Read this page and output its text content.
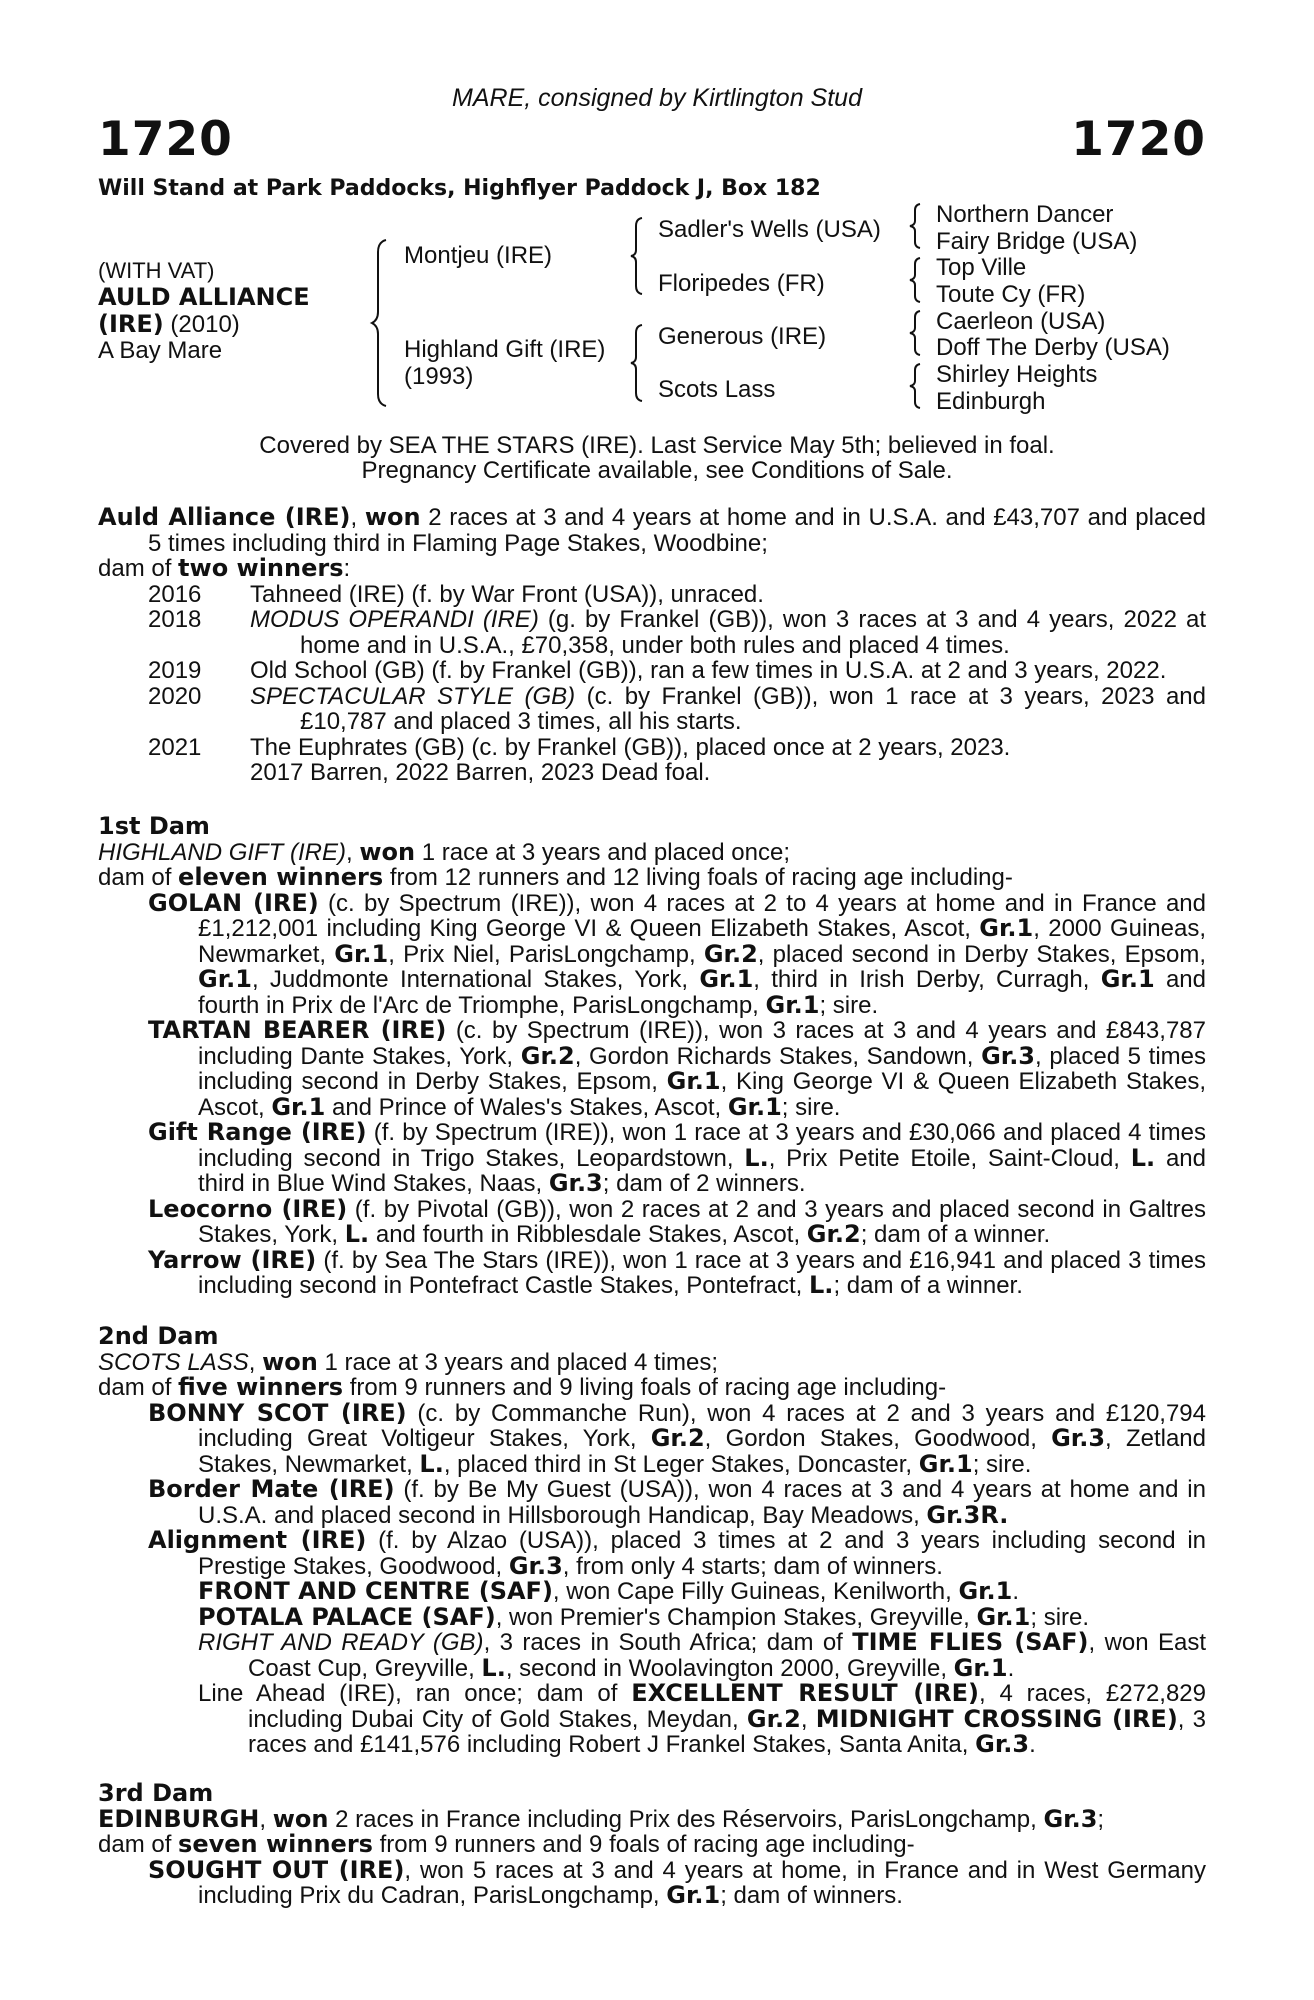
MARE, consigned by Kirtlington Stud
1720	1720
Will Stand at Park Paddocks, Highflyer Paddock J, Box 182
(WITH VAT)
AULD ALLIANCE
(IRE) (2010)
A Bay Mare
Montjeu (IRE)
Highland Gift (IRE)
(1993)
Sadler's Wells (USA)
Floripedes (FR)
Generous (IRE)
Scots Lass
Northern Dancer
Fairy Bridge (USA)
Top Ville
Toute Cy (FR)
Caerleon (USA)
Doff The Derby (USA)
Shirley Heights
Edinburgh
Covered by SEA THE STARS (IRE). Last Service May 5th; believed in foal.
Pregnancy Certificate available, see Conditions of Sale.

Auld Alliance (IRE), won 2 races at 3 and 4 years at home and in U.S.A. and £43,707 and placed 5 times including third in Flaming Page Stakes, Woodbine;

dam of two winners:

2016 Tahneed (IRE) (f. by War Front (USA)), unraced.
2018 MODUS OPERANDI (IRE) (g. by Frankel (GB)), won 3 races at 3 and 4 years, 2022 at home and in U.S.A., £70,358, under both rules and placed 4 times.
2019 Old School (GB) (f. by Frankel (GB)), ran a few times in U.S.A. at 2 and 3 years, 2022.
2020 SPECTACULAR STYLE (GB) (c. by Frankel (GB)), won 1 race at 3 years, 2023 and £10,787 and placed 3 times, all his starts.
2021 The Euphrates (GB) (c. by Frankel (GB)), placed once at 2 years, 2023.

2017 Barren, 2022 Barren, 2023 Dead foal.

1st Dam

HIGHLAND GIFT (IRE), won 1 race at 3 years and placed once;

dam of eleven winners from 12 runners and 12 living foals of racing age including-

GOLAN (IRE) (c. by Spectrum (IRE)), won 4 races at 2 to 4 years at home and in France and £1,212,001 including King George VI & Queen Elizabeth Stakes, Ascot, Gr.1, 2000 Guineas, Newmarket, Gr.1, Prix Niel, ParisLongchamp, Gr.2, placed second in Derby Stakes, Epsom, Gr.1, Juddmonte International Stakes, York, Gr.1, third in Irish Derby, Curragh, Gr.1 and fourth in Prix de l'Arc de Triomphe, ParisLongchamp, Gr.1; sire.

TARTAN BEARER (IRE) (c. by Spectrum (IRE)), won 3 races at 3 and 4 years and £843,787 including Dante Stakes, York, Gr.2, Gordon Richards Stakes, Sandown, Gr.3, placed 5 times including second in Derby Stakes, Epsom, Gr.1, King George VI & Queen Elizabeth Stakes, Ascot, Gr.1 and Prince of Wales's Stakes, Ascot, Gr.1; sire.

Gift Range (IRE) (f. by Spectrum (IRE)), won 1 race at 3 years and £30,066 and placed 4 times including second in Trigo Stakes, Leopardstown, L., Prix Petite Etoile, Saint-Cloud, L. and third in Blue Wind Stakes, Naas, Gr.3; dam of 2 winners.

Leocorno (IRE) (f. by Pivotal (GB)), won 2 races at 2 and 3 years and placed second in Galtres Stakes, York, L. and fourth in Ribblesdale Stakes, Ascot, Gr.2; dam of a winner.

Yarrow (IRE) (f. by Sea The Stars (IRE)), won 1 race at 3 years and £16,941 and placed 3 times including second in Pontefract Castle Stakes, Pontefract, L.; dam of a winner.

2nd Dam

SCOTS LASS, won 1 race at 3 years and placed 4 times;

dam of five winners from 9 runners and 9 living foals of racing age including-

BONNY SCOT (IRE) (c. by Commanche Run), won 4 races at 2 and 3 years and £120,794 including Great Voltigeur Stakes, York, Gr.2, Gordon Stakes, Goodwood, Gr.3, Zetland Stakes, Newmarket, L., placed third in St Leger Stakes, Doncaster, Gr.1; sire.

Border Mate (IRE) (f. by Be My Guest (USA)), won 4 races at 3 and 4 years at home and in U.S.A. and placed second in Hillsborough Handicap, Bay Meadows, Gr.3R.

Alignment (IRE) (f. by Alzao (USA)), placed 3 times at 2 and 3 years including second in Prestige Stakes, Goodwood, Gr.3, from only 4 starts; dam of winners.

FRONT AND CENTRE (SAF), won Cape Filly Guineas, Kenilworth, Gr.1.

POTALA PALACE (SAF), won Premier's Champion Stakes, Greyville, Gr.1; sire.

RIGHT AND READY (GB), 3 races in South Africa; dam of TIME FLIES (SAF), won East Coast Cup, Greyville, L., second in Woolavington 2000, Greyville, Gr.1.

Line Ahead (IRE), ran once; dam of EXCELLENT RESULT (IRE), 4 races, £272,829 including Dubai City of Gold Stakes, Meydan, Gr.2, MIDNIGHT CROSSING (IRE), 3 races and £141,576 including Robert J Frankel Stakes, Santa Anita, Gr.3.

3rd Dam

EDINBURGH, won 2 races in France including Prix des Réservoirs, ParisLongchamp, Gr.3;

dam of seven winners from 9 runners and 9 foals of racing age including-

SOUGHT OUT (IRE), won 5 races at 3 and 4 years at home, in France and in West Germany including Prix du Cadran, ParisLongchamp, Gr.1; dam of winners.
